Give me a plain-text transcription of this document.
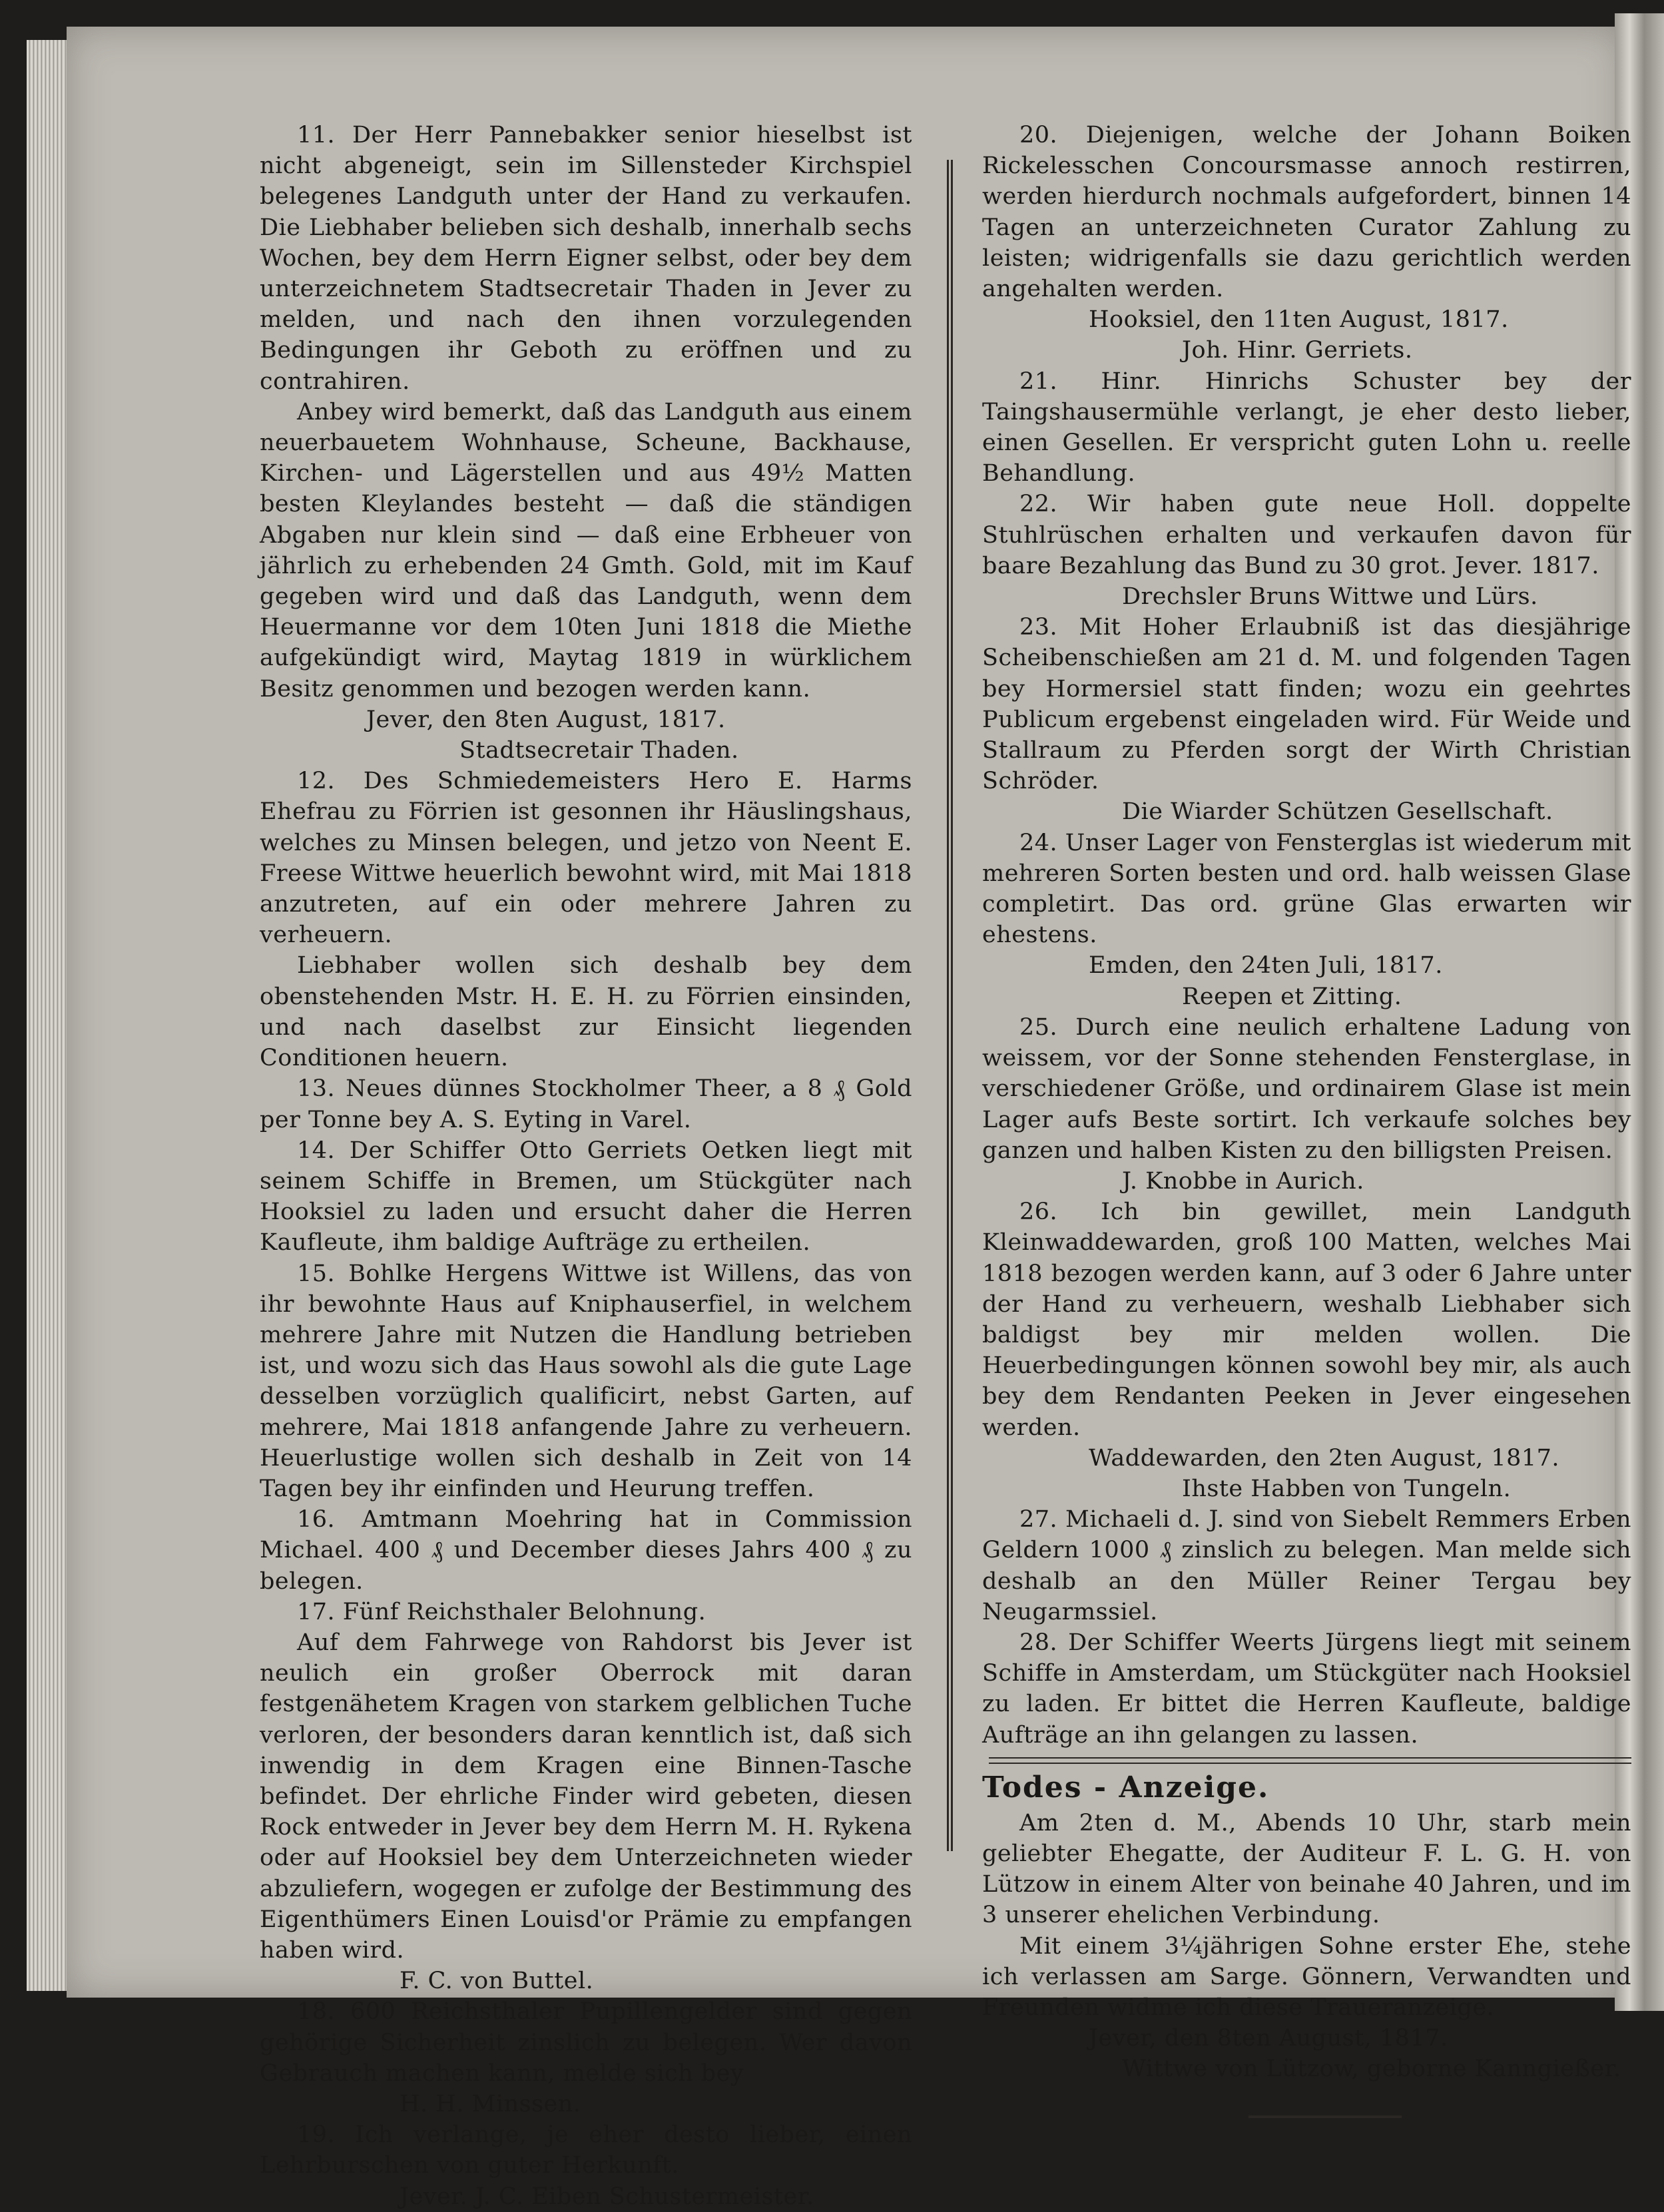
11. Der Herr Pannebakker senior hieselbst ist nicht abgeneigt, sein im Sillensteder Kirchspiel belegenes Landguth unter der Hand zu verkaufen. Die Liebhaber belieben sich deshalb, innerhalb sechs Wochen, bey dem Herrn Eigner selbst, oder bey dem unterzeichnetem Stadtsecretair Thaden in Jever zu melden, und nach den ihnen vorzulegenden Bedingungen ihr Geboth zu eröffnen und zu contrahiren.

Anbey wird bemerkt, daß das Landguth aus einem neuerbauetem Wohnhause, Scheune, Backhause, Kirchen- und Lägerstellen und aus 49½ Matten besten Kleylandes besteht — daß die ständigen Abgaben nur klein sind — daß eine Erbheuer von jährlich zu erhebenden 24 Gmth. Gold, mit im Kauf gegeben wird und daß das Landguth, wenn dem Heuermanne vor dem 10ten Juni 1818 die Miethe aufgekündigt wird, Maytag 1819 in würklichem Besitz genommen und bezogen werden kann.

Jever, den 8ten August, 1817.

Stadtsecretair Thaden.

12. Des Schmiedemeisters Hero E. Harms Ehefrau zu Förrien ist gesonnen ihr Häuslingshaus, welches zu Minsen belegen, und jetzo von Neent E. Freese Wittwe heuerlich bewohnt wird, mit Mai 1818 anzutreten, auf ein oder mehrere Jahren zu verheuern.

Liebhaber wollen sich deshalb bey dem obenstehenden Mstr. H. E. H. zu Förrien einsinden, und nach daselbst zur Einsicht liegenden Conditionen heuern.

13. Neues dünnes Stockholmer Theer, a 8 ₰ Gold per Tonne bey A. S. Eyting in Varel.

14. Der Schiffer Otto Gerriets Oetken liegt mit seinem Schiffe in Bremen, um Stückgüter nach Hooksiel zu laden und ersucht daher die Herren Kaufleute, ihm baldige Aufträge zu ertheilen.

15. Bohlke Hergens Wittwe ist Willens, das von ihr bewohnte Haus auf Kniphauserfiel, in welchem mehrere Jahre mit Nutzen die Handlung betrieben ist, und wozu sich das Haus sowohl als die gute Lage desselben vorzüglich qualificirt, nebst Garten, auf mehrere, Mai 1818 anfangende Jahre zu verheuern. Heuerlustige wollen sich deshalb in Zeit von 14 Tagen bey ihr einfinden und Heurung treffen.

16. Amtmann Moehring hat in Commission Michael. 400 ₰ und December dieses Jahrs 400 ₰ zu belegen.

17. Fünf Reichsthaler Belohnung.

Auf dem Fahrwege von Rahdorst bis Jever ist neulich ein großer Oberrock mit daran festgenähetem Kragen von starkem gelblichen Tuche verloren, der besonders daran kenntlich ist, daß sich inwendig in dem Kragen eine Binnen-Tasche befindet. Der ehrliche Finder wird gebeten, diesen Rock entweder in Jever bey dem Herrn M. H. Rykena oder auf Hooksiel bey dem Unterzeichneten wieder abzuliefern, wogegen er zufolge der Bestimmung des Eigenthümers Einen Louisd'or Prämie zu empfangen haben wird.

F. C. von Buttel.

18. 600 Reichsthaler Pupillengelder sind gegen gehörige Sicherheit zinslich zu belegen. Wer davon Gebrauch machen kann, melde sich bey

H. H. Minssen.

19. Ich verlange, je eher desto lieber, einen Lehrburschen von guter Herkunft.

Jever. J. C. Eiben Schustermeister.

20. Diejenigen, welche der Johann Boiken Rickelesschen Concoursmasse annoch restirren, werden hierdurch nochmals aufgefordert, binnen 14 Tagen an unterzeichneten Curator Zahlung zu leisten; widrigenfalls sie dazu gerichtlich werden angehalten werden.

Hooksiel, den 11ten August, 1817.

Joh. Hinr. Gerriets.

21. Hinr. Hinrichs Schuster bey der Taingshausermühle verlangt, je eher desto lieber, einen Gesellen. Er verspricht guten Lohn u. reelle Behandlung.

22. Wir haben gute neue Holl. doppelte Stuhlrüschen erhalten und verkaufen davon für baare Bezahlung das Bund zu 30 grot. Jever. 1817.

Drechsler Bruns Wittwe und Lürs.

23. Mit Hoher Erlaubniß ist das diesjährige Scheibenschießen am 21 d. M. und folgenden Tagen bey Hormersiel statt finden; wozu ein geehrtes Publicum ergebenst eingeladen wird. Für Weide und Stallraum zu Pferden sorgt der Wirth Christian Schröder.

Die Wiarder Schützen Gesellschaft.

24. Unser Lager von Fensterglas ist wiederum mit mehreren Sorten besten und ord. halb weissen Glase completirt. Das ord. grüne Glas erwarten wir ehestens.

Emden, den 24ten Juli, 1817.

Reepen et Zitting.

25. Durch eine neulich erhaltene Ladung von weissem, vor der Sonne stehenden Fensterglase, in verschiedener Größe, und ordinairem Glase ist mein Lager aufs Beste sortirt. Ich verkaufe solches bey ganzen und halben Kisten zu den billigsten Preisen.

J. Knobbe in Aurich.

26. Ich bin gewillet, mein Landguth Kleinwaddewarden, groß 100 Matten, welches Mai 1818 bezogen werden kann, auf 3 oder 6 Jahre unter der Hand zu verheuern, weshalb Liebhaber sich baldigst bey mir melden wollen. Die Heuerbedingungen können sowohl bey mir, als auch bey dem Rendanten Peeken in Jever eingesehen werden.

Waddewarden, den 2ten August, 1817.

Ihste Habben von Tungeln.

27. Michaeli d. J. sind von Siebelt Remmers Erben Geldern 1000 ₰ zinslich zu belegen. Man melde sich deshalb an den Müller Reiner Tergau bey Neugarmssiel.

28. Der Schiffer Weerts Jürgens liegt mit seinem Schiffe in Amsterdam, um Stückgüter nach Hooksiel zu laden. Er bittet die Herren Kaufleute, baldige Aufträge an ihn gelangen zu lassen.

Todes - Anzeige.

Am 2ten d. M., Abends 10 Uhr, starb mein geliebter Ehegatte, der Auditeur F. L. G. H. von Lützow in einem Alter von beinahe 40 Jahren, und im 3 unserer ehelichen Verbindung.

Mit einem 3¼jährigen Sohne erster Ehe, stehe ich verlassen am Sarge. Gönnern, Verwandten und Freunden widme ich diese Traueranzeige.

Jever, den 8ten August, 1817.

Wittwe von Lützow, geborne Kanngießer.
